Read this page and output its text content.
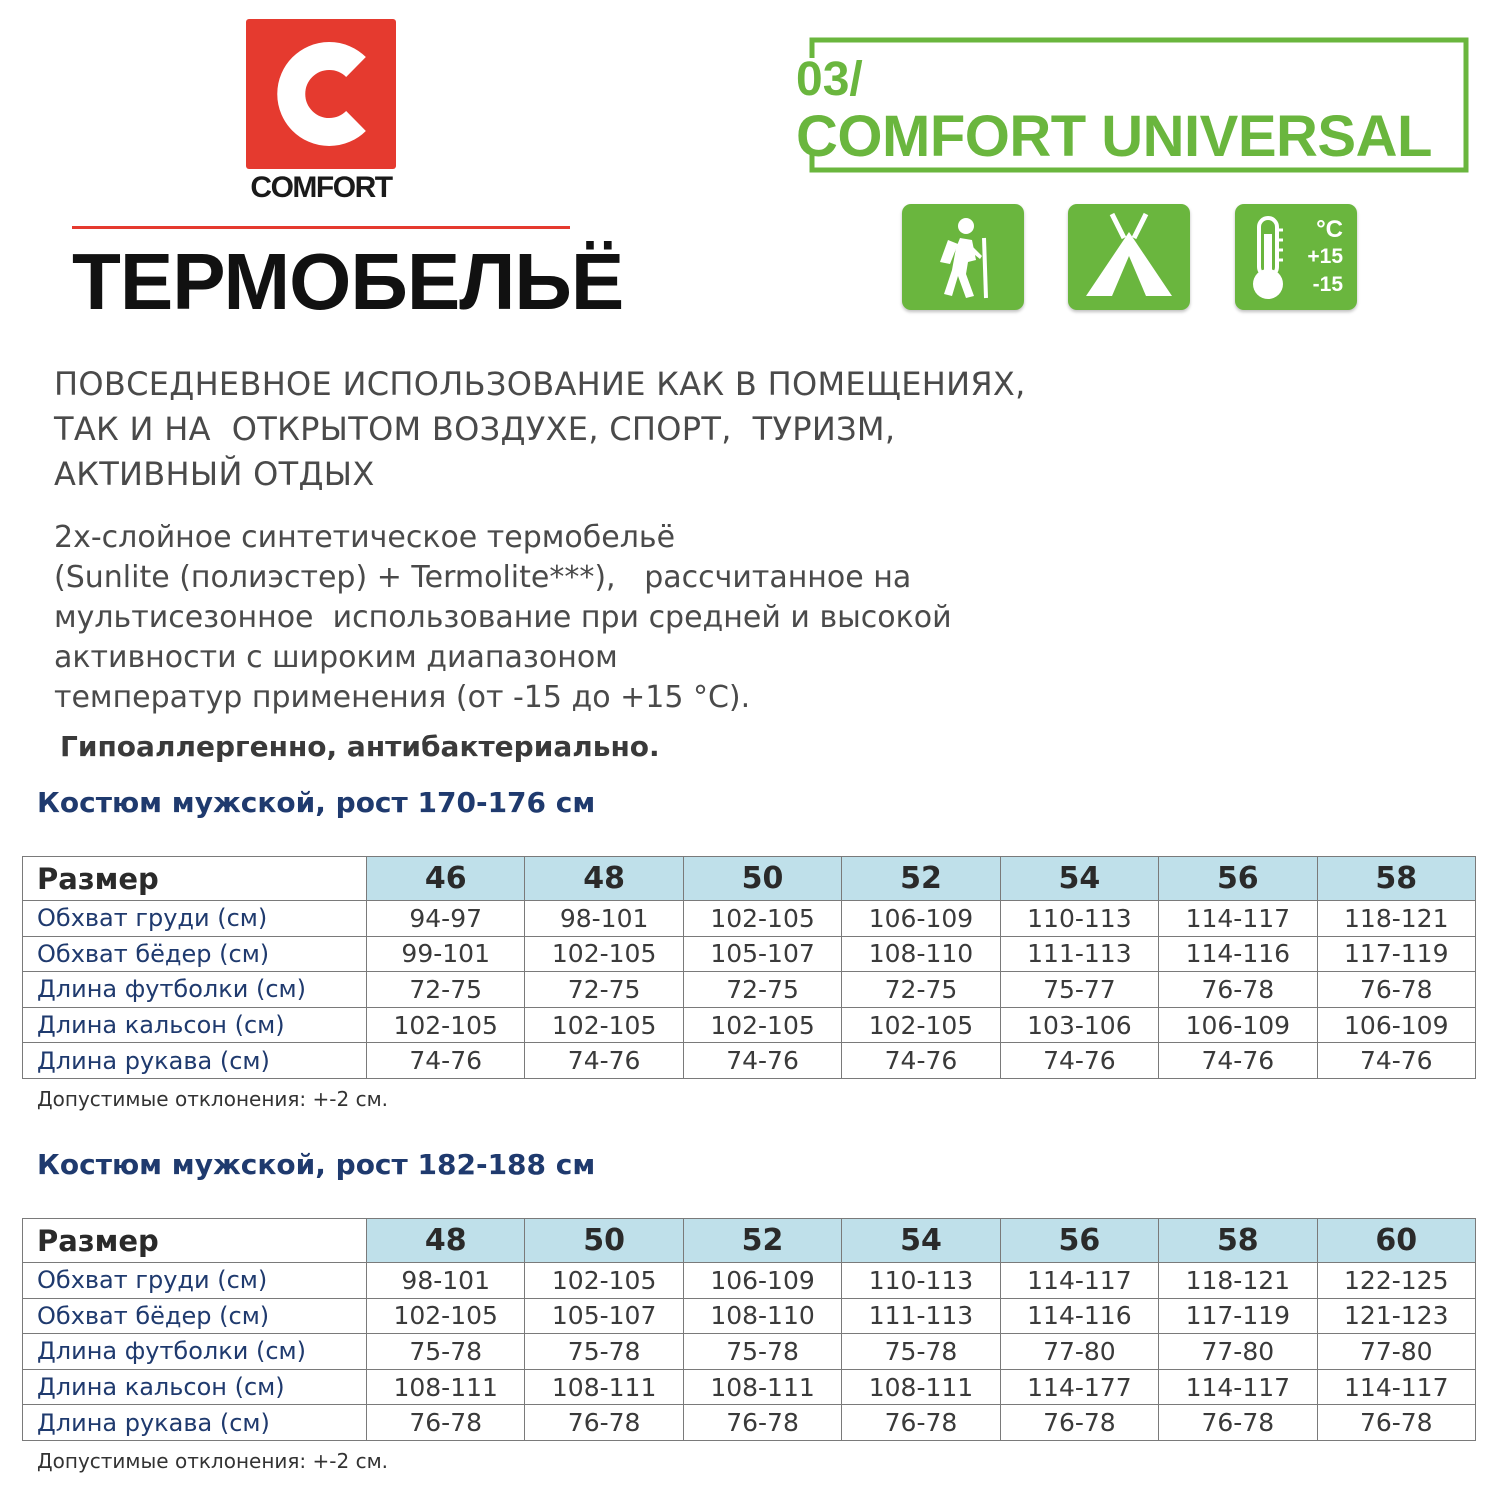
COMFORT
ТЕРМОБЕЛЬЁ
03/
COMFORT UNIVERSAL
°C
+15
-15
ПОВСЕДНЕВНОЕ ИСПОЛЬЗОВАНИЕ КАК В ПОМЕЩЕНИЯХ,
ТАК И НА  ОТКРЫТОМ ВОЗДУХЕ, СПОРТ,  ТУРИЗМ,
АКТИВНЫЙ ОТДЫХ
2х-слойное синтетическое термобельё
(Sunlite (полиэстер) + Termolite***),   рассчитанное на
мультисезонное  использование при средней и высокой
активности с широким диапазоном
температур применения (от -15 до +15 °С).
Гипоаллергенно, антибактериально.
Костюм мужской, рост 170-176 см
Размер	46	48	50	52	54	56	58
Обхват груди (см)	94-97	98-101	102-105	106-109	110-113	114-117	118-121
Обхват бёдер (см)	99-101	102-105	105-107	108-110	111-113	114-116	117-119
Длина футболки (см)	72-75	72-75	72-75	72-75	75-77	76-78	76-78
Длина кальсон (см)	102-105	102-105	102-105	102-105	103-106	106-109	106-109
Длина рукава (см)	74-76	74-76	74-76	74-76	74-76	74-76	74-76
Допустимые отклонения: +-2 см.
Костюм мужской, рост 182-188 см
Размер	48	50	52	54	56	58	60
Обхват груди (см)	98-101	102-105	106-109	110-113	114-117	118-121	122-125
Обхват бёдер (см)	102-105	105-107	108-110	111-113	114-116	117-119	121-123
Длина футболки (см)	75-78	75-78	75-78	75-78	77-80	77-80	77-80
Длина кальсон (см)	108-111	108-111	108-111	108-111	114-177	114-117	114-117
Длина рукава (см)	76-78	76-78	76-78	76-78	76-78	76-78	76-78
Допустимые отклонения: +-2 см.
